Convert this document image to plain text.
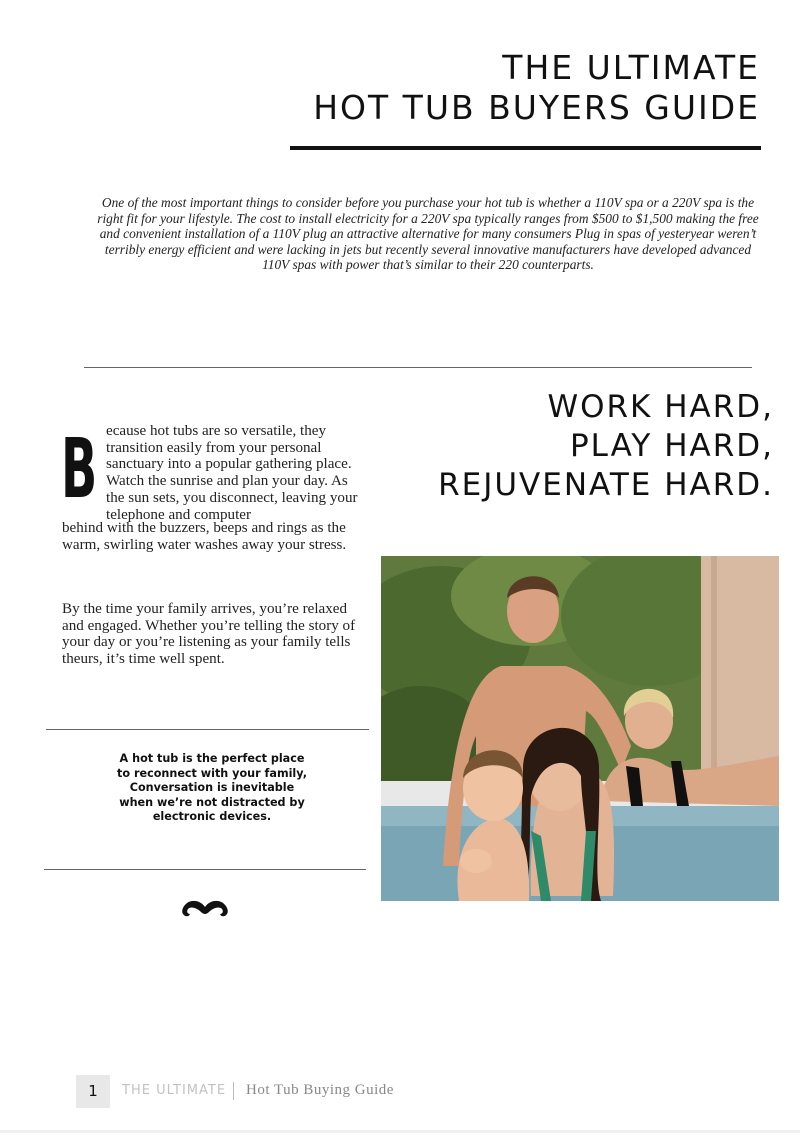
THE ULTIMATE
HOT TUB BUYERS GUIDE
One of the most important things to consider before you purchase your hot tub is whether a 110V spa or a 220V spa is the right fit for your lifestyle. The cost to install electricity for a 220V spa typically ranges from $500 to $1,500 making the free and convenient installation of a 110V plug an attractive alternative for many consumers Plug in spas of yesteryear weren’t terribly energy efficient and were lacking in jets but recently several innovative manufacturers have developed advanced 110V spas with power that’s similar to their 220 counterparts.
WORK HARD,
PLAY HARD,
REJUVENATE HARD.
B ecause hot tubs are so versatile, they transition easily from your personal sanctuary into a popular gathering place. Watch the sunrise and plan your day. As the sun sets, you disconnect, leaving your telephone and computer
behind with the buzzers, beeps and rings as the warm, swirling water washes away your stress.
By the time your family arrives, you’re relaxed and engaged. Whether you’re telling the story of your day or you’re listening as your family tells theurs, it’s time well spent.
A hot tub is the perfect place to reconnect with your family, Conversation is inevitable when we’re not distracted by electronic devices.
1	THE ULTIMATE Hot Tub Buying Guide
